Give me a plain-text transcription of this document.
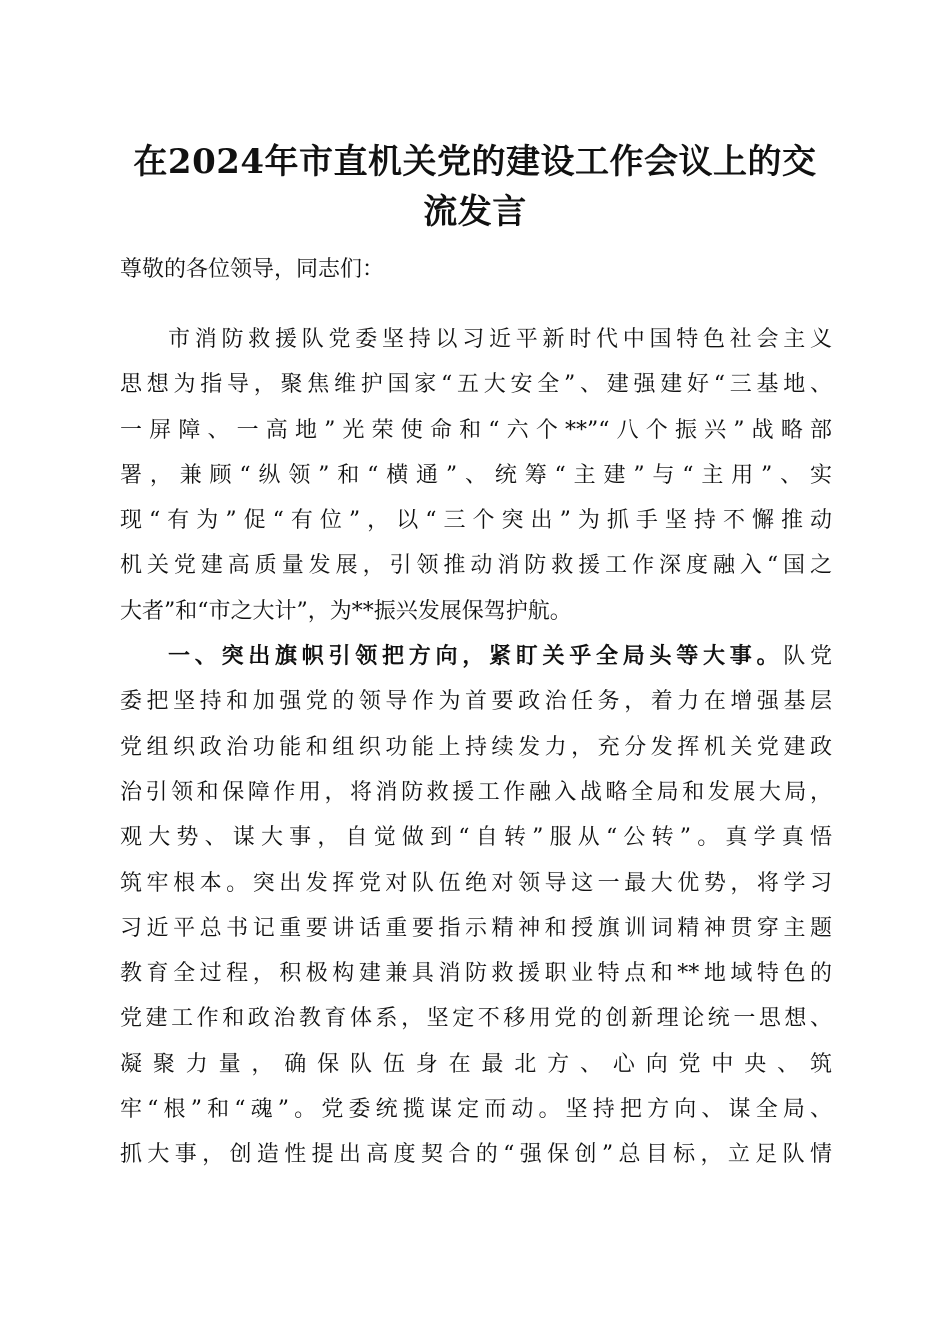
在2024年市直机关党的建设工作会议上的交
流发言

尊敬的各位领导，同志们：

市消防救援队党委坚持以习近平新时代中国特色社会主义
思想为指导，聚焦维护国家“五大安全”、建强建好“三基地、
一屏障、一高地”光荣使命和“六个**”“八个振兴”战略部
署，兼顾“纵领”和“横通”、统筹“主建”与“主用”、实
现“有为”促“有位”，以“三个突出”为抓手坚持不懈推动
机关党建高质量发展，引领推动消防救援工作深度融入“国之
大者”和“市之大计”，为**振兴发展保驾护航。
一、突出旗帜引领把方向，紧盯关乎全局头等大事。队党
委把坚持和加强党的领导作为首要政治任务，着力在增强基层
党组织政治功能和组织功能上持续发力，充分发挥机关党建政
治引领和保障作用，将消防救援工作融入战略全局和发展大局，
观大势、谋大事，自觉做到“自转”服从“公转”。真学真悟
筑牢根本。突出发挥党对队伍绝对领导这一最大优势，将学习
习近平总书记重要讲话重要指示精神和授旗训词精神贯穿主题
教育全过程，积极构建兼具消防救援职业特点和**地域特色的
党建工作和政治教育体系，坚定不移用党的创新理论统一思想、
凝聚力量，确保队伍身在最北方、心向党中央、筑
牢“根”和“魂”。党委统揽谋定而动。坚持把方向、谋全局、
抓大事，创造性提出高度契合的“强保创”总目标，立足队情
